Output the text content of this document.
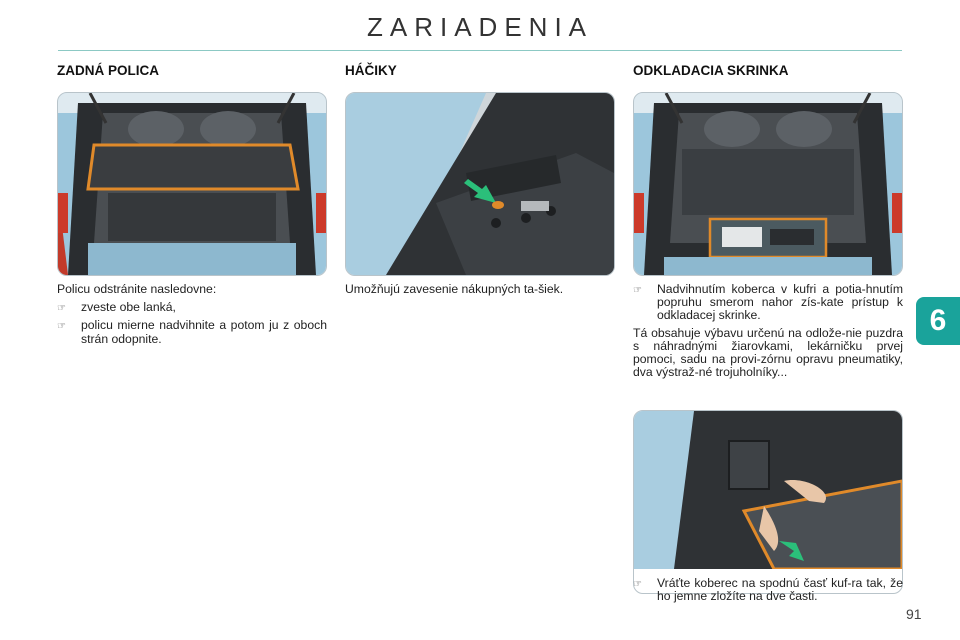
ZARIADENIA
ZADNÁ POLICA

Policu odstránite nasledovne:

☞	zveste obe lanká,
☞	policu mierne nadvihnite a potom ju z oboch strán odopnite.
HÁČIKY

Umožňujú zavesenie nákupných ta-šiek.

ODKLADACIA SKRINKA
☞	Nadvihnutím koberca v kufri a potia-hnutím popruhu smerom nahor zís-kate prístup k odkladacej skrinke.

Tá obsahuje výbavu určenú na odlože-nie puzdra s náhradnými žiarovkami, lekárničku prvej pomoci, sadu na provi-zórnu opravu pneumatiky, dva výstraž-né trojuholníky...

☞	Vráťte koberec na spodnú časť kuf-ra tak, že ho jemne zložíte na dve časti.
6
91
